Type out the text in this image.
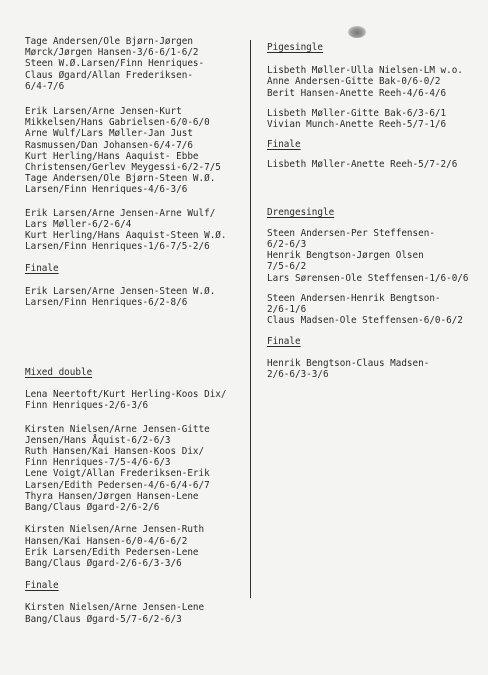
Tage Andersen/Ole Bjørn-Jørgen
Mørck/Jørgen Hansen-3/6-6/1-6/2
Steen W.Ø.Larsen/Finn Henriques-
Claus Øgard/Allan Frederiksen-
6/4-7/6
Erik Larsen/Arne Jensen-Kurt
Mikkelsen/Hans Gabrielsen-6/0-6/0
Arne Wulf/Lars Møller-Jan Just
Rasmussen/Dan Johansen-6/4-7/6
Kurt Herling/Hans Aaquist- Ebbe
Christensen/Gerlev Meygessi-6/2-7/5
Tage Andersen/Ole Bjørn-Steen W.Ø.
Larsen/Finn Henriques-4/6-3/6
Erik Larsen/Arne Jensen-Arne Wulf/
Lars Møller-6/2-6/4
Kurt Herling/Hans Aaquist-Steen W.Ø.
Larsen/Finn Henriques-1/6-7/5-2/6
Finale
Erik Larsen/Arne Jensen-Steen W.Ø.
Larsen/Finn Henriques-6/2-8/6
Mixed double
Lena Neertoft/Kurt Herling-Koos Dix/
Finn Henriques-2/6-3/6
Kirsten Nielsen/Arne Jensen-Gitte
Jensen/Hans Åquist-6/2-6/3
Ruth Hansen/Kai Hansen-Koos Dix/
Finn Henriques-7/5-4/6-6/3
Lene Voigt/Allan Frederiksen-Erik
Larsen/Edith Pedersen-4/6-6/4-6/7
Thyra Hansen/Jørgen Hansen-Lene
Bang/Claus Øgard-2/6-2/6
Kirsten Nielsen/Arne Jensen-Ruth
Hansen/Kai Hansen-6/0-4/6-6/2
Erik Larsen/Edith Pedersen-Lene
Bang/Claus Øgard-2/6-6/3-3/6
Finale
Kirsten Nielsen/Arne Jensen-Lene
Bang/Claus Øgard-5/7-6/2-6/3
Pigesingle
Lisbeth Møller-Ulla Nielsen-LM w.o.
Anne Andersen-Gitte Bak-0/6-0/2
Berit Hansen-Anette Reeh-4/6-4/6
Lisbeth Møller-Gitte Bak-6/3-6/1
Vivian Munch-Anette Reeh-5/7-1/6
Finale
Lisbeth Møller-Anette Reeh-5/7-2/6
Drengesingle
Steen Andersen-Per Steffensen-
6/2-6/3
Henrik Bengtson-Jørgen Olsen
7/5-6/2
Lars Sørensen-Ole Steffensen-1/6-0/6
Steen Andersen-Henrik Bengtson-
2/6-1/6
Claus Madsen-Ole Steffensen-6/0-6/2
Finale
Henrik Bengtson-Claus Madsen-
2/6-6/3-3/6
